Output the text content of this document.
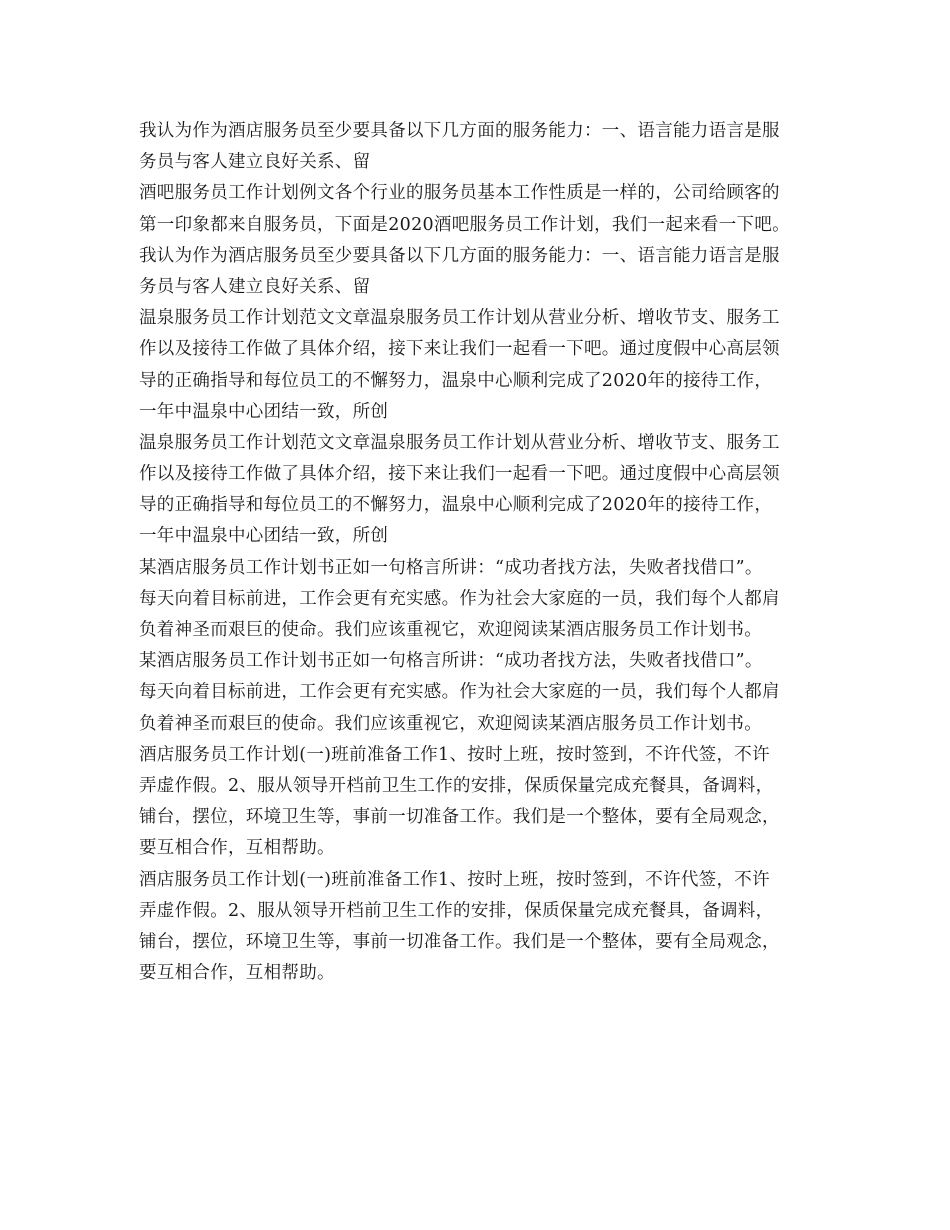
我认为作为酒店服务员至少要具备以下几方面的服务能力：一、语言能力语言是服
务员与客人建立良好关系、留
酒吧服务员工作计划例文各个行业的服务员基本工作性质是一样的，公司给顾客的
第一印象都来自服务员，下面是2020酒吧服务员工作计划，我们一起来看一下吧。
我认为作为酒店服务员至少要具备以下几方面的服务能力：一、语言能力语言是服
务员与客人建立良好关系、留
温泉服务员工作计划范文文章温泉服务员工作计划从营业分析、增收节支、服务工
作以及接待工作做了具体介绍，接下来让我们一起看一下吧。通过度假中心高层领
导的正确指导和每位员工的不懈努力，温泉中心顺利完成了2020年的接待工作，
一年中温泉中心团结一致，所创
温泉服务员工作计划范文文章温泉服务员工作计划从营业分析、增收节支、服务工
作以及接待工作做了具体介绍，接下来让我们一起看一下吧。通过度假中心高层领
导的正确指导和每位员工的不懈努力，温泉中心顺利完成了2020年的接待工作，
一年中温泉中心团结一致，所创
某酒店服务员工作计划书正如一句格言所讲：“成功者找方法，失败者找借口”。
每天向着目标前进，工作会更有充实感。作为社会大家庭的一员，我们每个人都肩
负着神圣而艰巨的使命。我们应该重视它，欢迎阅读某酒店服务员工作计划书。
某酒店服务员工作计划书正如一句格言所讲：“成功者找方法，失败者找借口”。
每天向着目标前进，工作会更有充实感。作为社会大家庭的一员，我们每个人都肩
负着神圣而艰巨的使命。我们应该重视它，欢迎阅读某酒店服务员工作计划书。
酒店服务员工作计划(一)班前准备工作1、按时上班，按时签到，不许代签，不许
弄虚作假。2、服从领导开档前卫生工作的安排，保质保量完成充餐具，备调料，
铺台，摆位，环境卫生等，事前一切准备工作。我们是一个整体，要有全局观念，
要互相合作，互相帮助。
酒店服务员工作计划(一)班前准备工作1、按时上班，按时签到，不许代签，不许
弄虚作假。2、服从领导开档前卫生工作的安排，保质保量完成充餐具，备调料，
铺台，摆位，环境卫生等，事前一切准备工作。我们是一个整体，要有全局观念，
要互相合作，互相帮助。
